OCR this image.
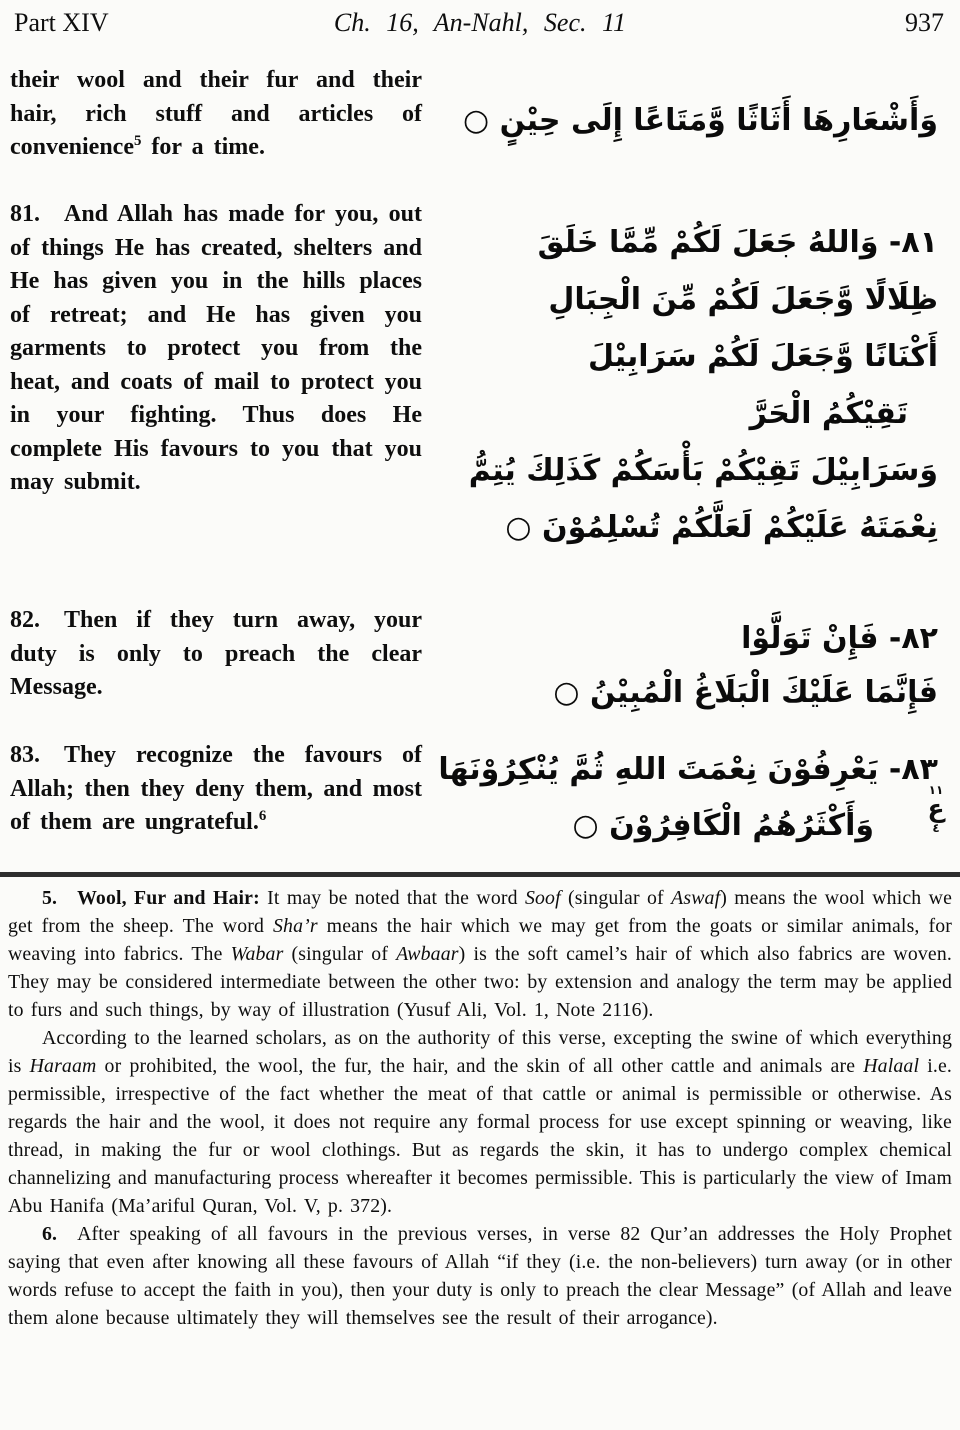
Part XIV	Ch. 16, An-Nahl, Sec. 11	937
their wool and their fur and their hair, rich stuff and articles of convenience$^5$ for a time.
81. And Allah has made for you, out of things He has created, shelters and He has given you in the hills places of retreat; and He has given you garments to protect you from the heat, and coats of mail to protect you in your fighting. Thus does He complete His favours to you that you may submit.
82. Then if they turn away, your duty is only to preach the clear Message.
83. They recognize the favours of Allah; then they deny them, and most of them are ungrateful.$^6$
وَأَشْعَارِهَا أَثَاثًا وَّمَتَاعًا إِلَى حِيْنٍ ○
٨١- وَاللهُ جَعَلَ لَكُمْ مِّمَّا خَلَقَ
ظِلَالًا وَّجَعَلَ لَكُمْ مِّنَ الْجِبَالِ
أَكْنَانًا وَّجَعَلَ لَكُمْ سَرَابِيْلَ
تَقِيْكُمُ الْحَرَّ
وَسَرَابِيْلَ تَقِيْكُمْ بَأْسَكُمْ كَذَلِكَ يُتِمُّ
نِعْمَتَهُ عَلَيْكُمْ لَعَلَّكُمْ تُسْلِمُوْنَ ○
٨٢- فَإِنْ تَوَلَّوْا
فَإِنَّمَا عَلَيْكَ الْبَلَاغُ الْمُبِيْنُ ○
٨٣- يَعْرِفُوْنَ نِعْمَتَ اللهِ ثُمَّ يُنْكِرُوْنَهَا
وَأَكْثَرُهُمُ الْكَافِرُوْنَ ○
١١
ع
٤

5.  Wool, Fur and Hair: It may be noted that the word Soof (singular of Aswaf) means the wool which we get from the sheep. The word Sha’r means the hair which we may get from the goats or similar animals, for weaving into fabrics. The Wabar (singular of Awbaar) is the soft camel’s hair of which also fabrics are woven. They may be considered intermediate between the other two: by extension and analogy the term may be applied to furs and such things, by way of illustration (Yusuf Ali, Vol. 1, Note 2116).

According to the learned scholars, as on the authority of this verse, excepting the swine of which everything is Haraam or prohibited, the wool, the fur, the hair, and the skin of all other cattle and animals are Halaal i.e. permissible, irrespective of the fact whether the meat of that cattle or animal is permissible or otherwise. As regards the hair and the wool, it does not require any formal process for use except spinning or weaving, like thread, in making the fur or wool clothings. But as regards the skin, it has to undergo complex chemical channelizing and manufacturing process whereafter it becomes permissible. This is particularly the view of Imam Abu Hanifa (Ma’ariful Quran, Vol. V, p. 372).

6.  After speaking of all favours in the previous verses, in verse 82 Qur’an addresses the Holy Prophet saying that even after knowing all these favours of Allah “if they (i.e. the non-believers) turn away (or in other words refuse to accept the faith in you), then your duty is only to preach the clear Message” (of Allah and leave them alone because ultimately they will themselves see the result of their arrogance).
